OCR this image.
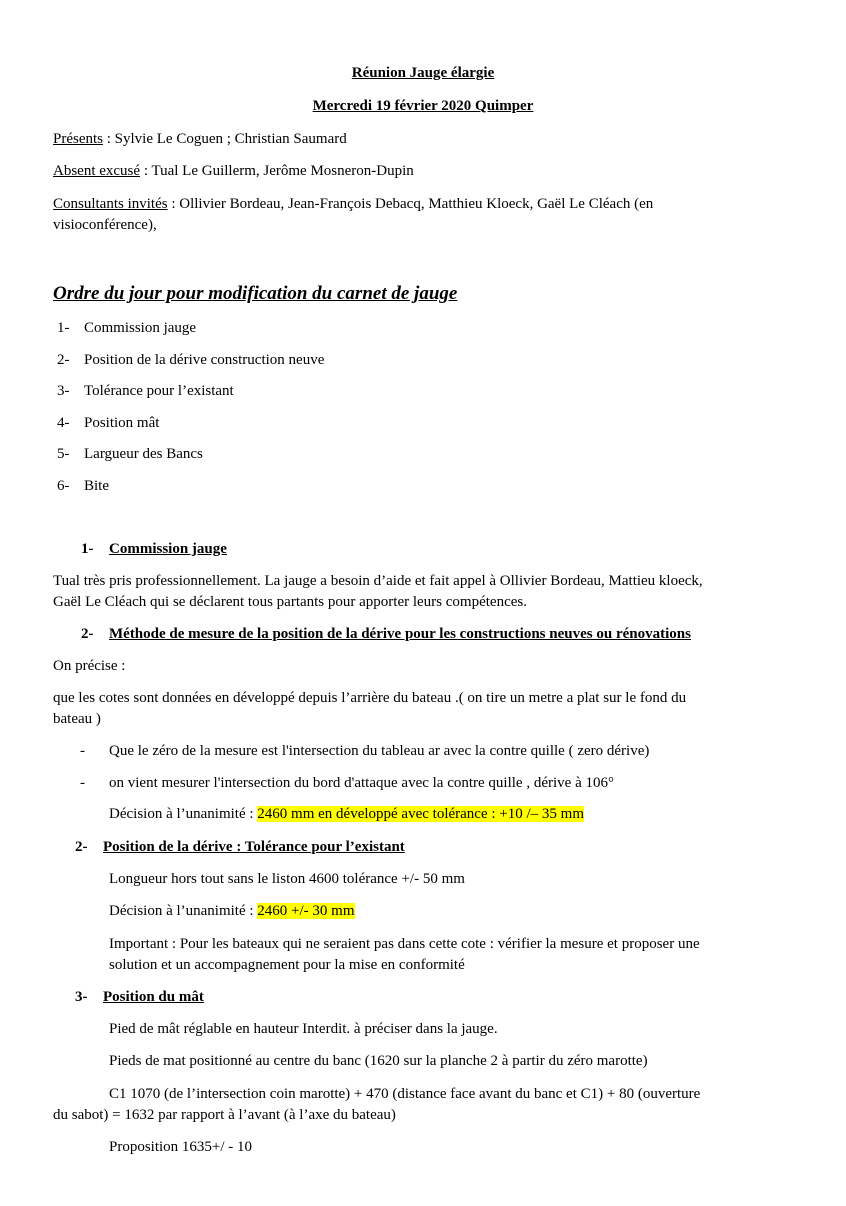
Réunion Jauge élargie
Mercredi 19 février 2020 Quimper
Présents : Sylvie Le Coguen ; Christian Saumard
Absent excusé : Tual Le Guillerm, Jerôme Mosneron-Dupin
Consultants invités : Ollivier Bordeau, Jean-François Debacq, Matthieu Kloeck, Gaël Le Cléach (en
visioconférence),
Ordre du jour pour modification du carnet de jauge
1- Commission jauge
2- Position de la dérive construction neuve
3- Tolérance pour l’existant
4- Position mât
5- Largueur des Bancs
6- Bite
1- Commission jauge
Tual très pris professionnellement. La jauge a besoin d’aide et fait appel à Ollivier Bordeau, Mattieu kloeck,
Gaël Le Cléach qui se déclarent tous partants pour apporter leurs compétences.
2- Méthode de mesure de la position de la dérive pour les constructions neuves ou rénovations
On précise :
que les cotes sont données en développé depuis l’arrière du bateau .( on tire un metre a plat sur le fond du
bateau )
- Que le zéro de la mesure est l'intersection du tableau ar avec la contre quille ( zero dérive)
- on vient mesurer l'intersection du bord d'attaque avec la contre quille , dérive à 106°
Décision à l’unanimité : 2460 mm en développé avec tolérance : +10 /– 35 mm
2- Position de la dérive : Tolérance pour l’existant
Longueur hors tout sans le liston 4600 tolérance +/- 50 mm
Décision à l’unanimité : 2460 +/- 30 mm
Important : Pour les bateaux qui ne seraient pas dans cette cote : vérifier la mesure et proposer une
solution et un accompagnement pour la mise en conformité
3- Position du mât
Pied de mât réglable en hauteur Interdit. à préciser dans la jauge.
Pieds de mat positionné au centre du banc (1620 sur la planche 2 à partir du zéro marotte)
C1 1070 (de l’intersection coin marotte) + 470 (distance face avant du banc et C1) + 80 (ouverture
du sabot) = 1632 par rapport à l’avant (à l’axe du bateau)
Proposition 1635+/ - 10
